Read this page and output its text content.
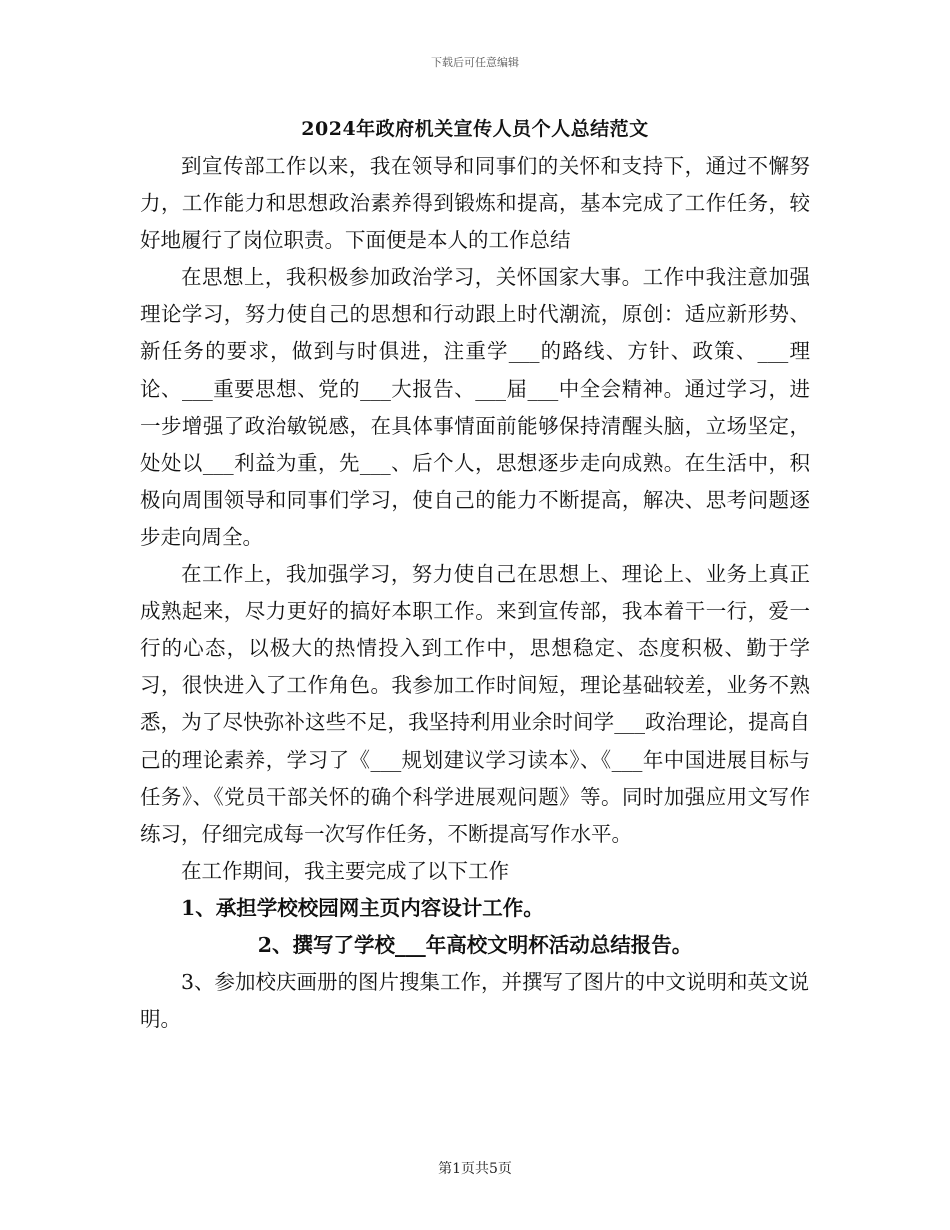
下载后可任意编辑
2024年政府机关宣传人员个人总结范文

到宣传部工作以来，我在领导和同事们的关怀和支持下，通过不懈努力，工作能力和思想政治素养得到锻炼和提高，基本完成了工作任务，较好地履行了岗位职责。下面便是本人的工作总结

在思想上，我积极参加政治学习，关怀国家大事。工作中我注意加强理论学习，努力使自己的思想和行动跟上时代潮流，原创：适应新形势、新任务的要求，做到与时俱进，注重学___的路线、方针、政策、___理论、___重要思想、党的___大报告、___届___中全会精神。通过学习，进一步增强了政治敏锐感，在具体事情面前能够保持清醒头脑，立场坚定，处处以___利益为重，先___、后个人，思想逐步走向成熟。在生活中，积极向周围领导和同事们学习，使自己的能力不断提高，解决、思考问题逐步走向周全。

在工作上，我加强学习，努力使自己在思想上、理论上、业务上真正成熟起来，尽力更好的搞好本职工作。来到宣传部，我本着干一行，爱一行的心态，以极大的热情投入到工作中，思想稳定、态度积极、勤于学习，很快进入了工作角色。我参加工作时间短，理论基础较差，业务不熟悉，为了尽快弥补这些不足，我坚持利用业余时间学___政治理论，提高自己的理论素养，学习了《___规划建议学习读本》、《___年中国进展目标与任务》、《党员干部关怀的确个科学进展观问题》等。同时加强应用文写作练习，仔细完成每一次写作任务，不断提高写作水平。

在工作期间，我主要完成了以下工作

1、承担学校校园网主页内容设计工作。

2、撰写了学校___年高校文明杯活动总结报告。

3、参加校庆画册的图片搜集工作，并撰写了图片的中文说明和英文说明。

第1页共5页
